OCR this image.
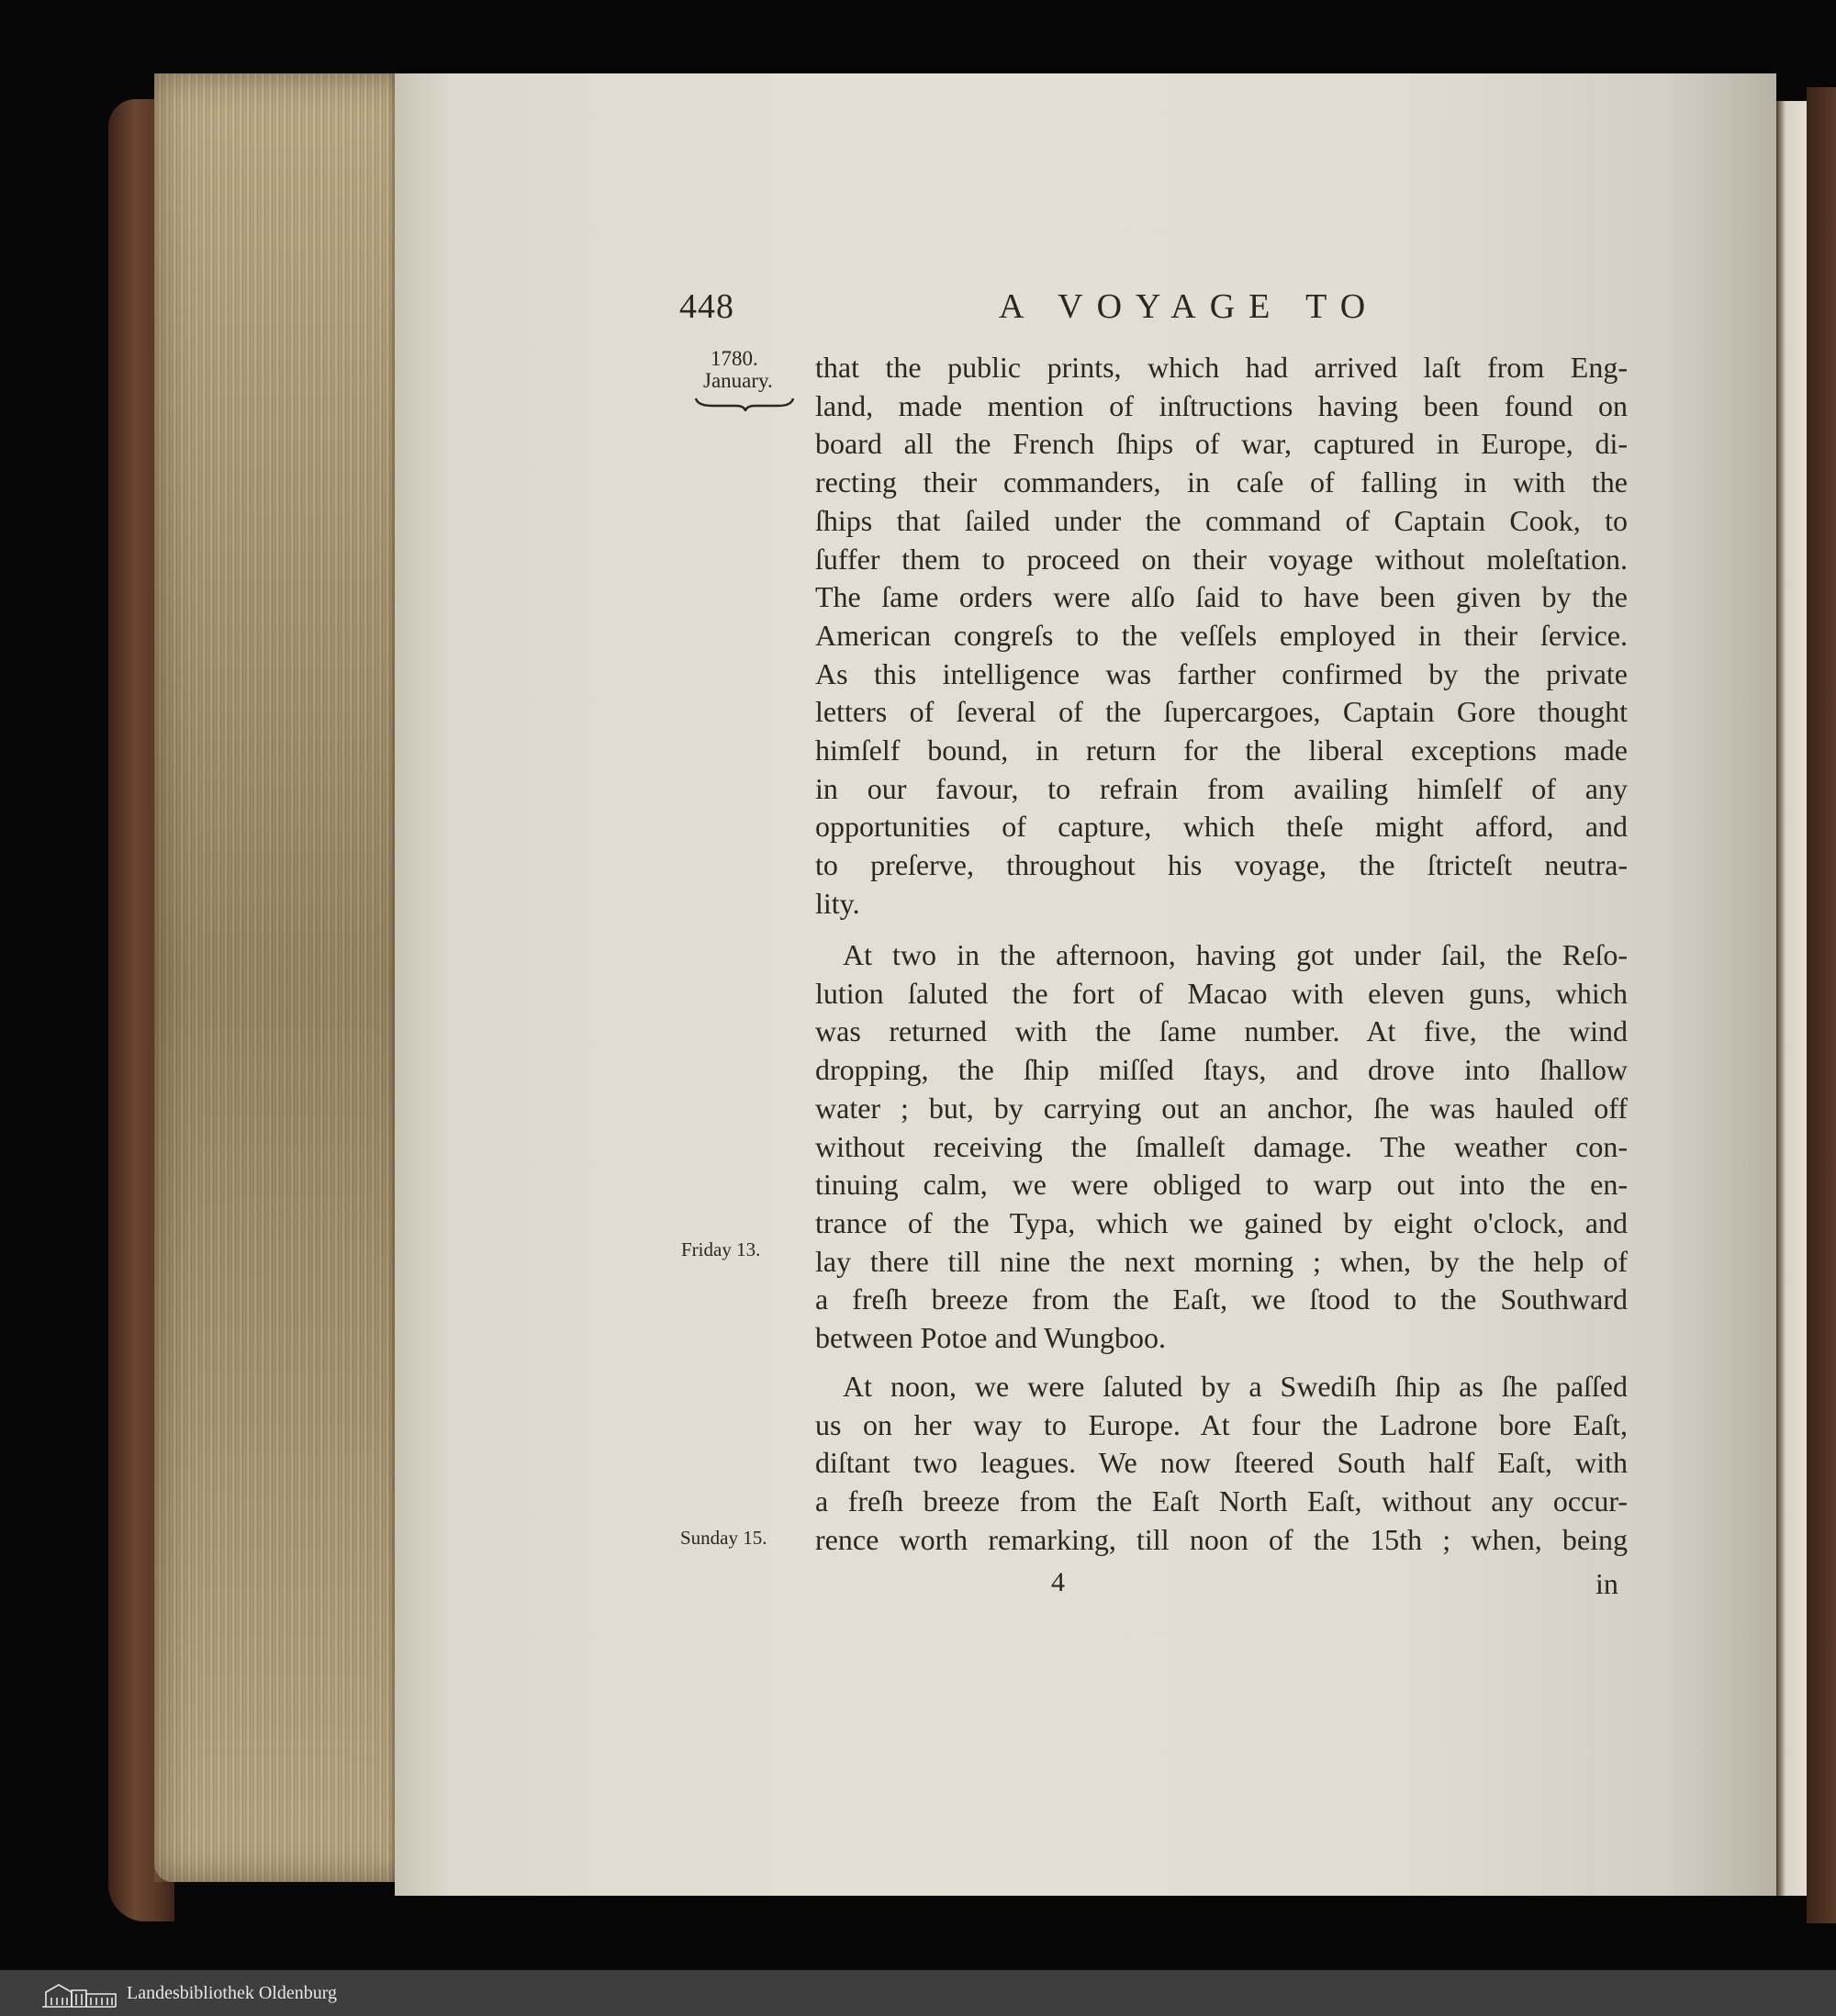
448	A VOYAGE TO
1780.
January.
Friday 13.
Sunday 15.
that the public prints, which had arrived laſt from Eng-
land, made mention of inſtructions having been found on
board all the French ſhips of war, captured in Europe, di-
recting their commanders, in caſe of falling in with the
ſhips that ſailed under the command of Captain Cook, to
ſuffer them to proceed on their voyage without moleſtation.
The ſame orders were alſo ſaid to have been given by the
American congreſs to the veſſels employed in their ſervice.
As this intelligence was farther confirmed by the private
letters of ſeveral of the ſupercargoes, Captain Gore thought
himſelf bound, in return for the liberal exceptions made
in our favour, to refrain from availing himſelf of any
opportunities of capture, which theſe might afford, and
to preſerve, throughout his voyage, the ſtricteſt neutra-
lity.
At two in the afternoon, having got under ſail, the Reſo-
lution ſaluted the fort of Macao with eleven guns, which
was returned with the ſame number. At five, the wind
dropping, the ſhip miſſed ſtays, and drove into ſhallow
water ; but, by carrying out an anchor, ſhe was hauled off
without receiving the ſmalleſt damage. The weather con-
tinuing calm, we were obliged to warp out into the en-
trance of the Typa, which we gained by eight o'clock, and
lay there till nine the next morning ; when, by the help of
a freſh breeze from the Eaſt, we ſtood to the Southward
between Potoe and Wungboo.
At noon, we were ſaluted by a Swediſh ſhip as ſhe paſſed
us on her way to Europe. At four the Ladrone bore Eaſt,
diſtant two leagues. We now ſteered South half Eaſt, with
a freſh breeze from the Eaſt North Eaſt, without any occur-
rence worth remarking, till noon of the 15th ; when, being
4	in
Landesbibliothek Oldenburg
